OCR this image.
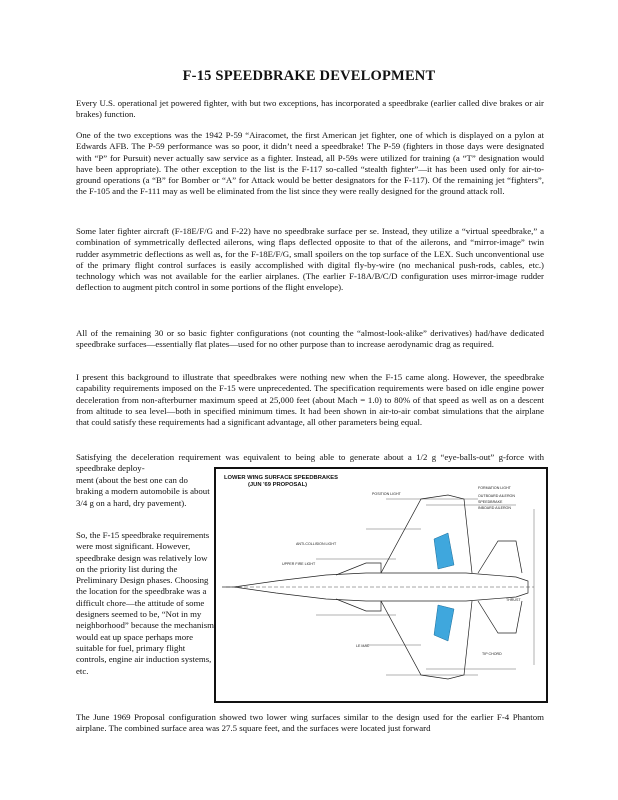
F-15 SPEEDBRAKE DEVELOPMENT

Every U.S. operational jet powered fighter, with but two exceptions, has incorporated a speedbrake (earlier called dive brakes or air brakes) function.

One of the two exceptions was the 1942 P-59 “Airacomet, the first American jet fighter, one of which is displayed on a pylon at Edwards AFB. The P-59 performance was so poor, it didn’t need a speedbrake! The P-59 (fighters in those days were designated with “P” for Pursuit) never actually saw service as a fighter. Instead, all P-59s were utilized for training (a “T” designation would have been appropriate). The other exception to the list is the F-117 so-called “stealth fighter”—it has been used only for air-to-ground operations (a “B” for Bomber or “A” for Attack would be better designators for the F-117). Of the remaining jet “fighters”, the F-105 and the F-111 may as well be eliminated from the list since they were really designed for the ground attack roll.

Some later fighter aircraft (F-18E/F/G and F-22) have no speedbrake surface per se. Instead, they utilize a “virtual speedbrake,” a combination of symmetrically deflected ailerons, wing flaps deflected opposite to that of the ailerons, and “mirror-image” twin rudder asymmetric deflections as well as, for the F-18E/F/G, small spoilers on the top surface of the LEX. Such unconventional use of the primary flight control surfaces is easily accomplished with digital fly-by-wire (no mechanical push-rods, cables, etc.) technology which was not available for the earlier airplanes. (The earlier F-18A/B/C/D configuration uses mirror-image rudder deflection to augment pitch control in some portions of the flight envelope).

All of the remaining 30 or so basic fighter configurations (not counting the “almost-look-alike” derivatives) had/have dedicated speedbrake surfaces—essentially flat plates—used for no other purpose than to increase aerodynamic drag as required.

I present this background to illustrate that speedbrakes were nothing new when the F-15 came along. However, the speedbrake capability requirements imposed on the F-15 were unprecedented. The specification requirements were based on idle engine power deceleration from non-afterburner maximum speed at 25,000 feet (about Mach = 1.0) to 80% of that speed as well as on a descent from altitude to sea level—both in specified minimum times. It had been shown in air-to-air combat simulations that the airplane that could satisfy these requirements had a significant advantage, all other parameters being equal.

Satisfying the deceleration requirement was equivalent to being able to generate about a 1/2 g “eye-balls-out” g-force with speedbrake deploy-

ment (about the best one can do braking a modern automobile is about 3/4 g on a hard, dry pavement).

So, the F-15 speedbrake requirements were most significant. However, speedbrake design was relatively low on the priority list during the Preliminary Design phases. Choosing the location for the speedbrake was a difficult chore—the attitude of some designers seemed to be, “Not in my neighborhood” because the mechanism would eat up space perhaps more suitable for fuel, primary flight controls, engine air induction systems, etc.

The June 1969 Proposal configuration showed two lower wing surfaces similar to the design used for the earlier F-4 Phantom airplane. The combined surface area was 27.5 square feet, and the surfaces were located just forward

LOWER WING SURFACE SPEEDBRAKES
(JUN '69 PROPOSAL)	FORMATION LIGHT
POSITION LIGHT	OUTBOARD AILERON
SPEEDBRAKE
INBOARD AILERON
ANTI-COLLISION LIGHT
UPPER FIRE LIGHT
THRUST
TIP CHORD
LE MAC
